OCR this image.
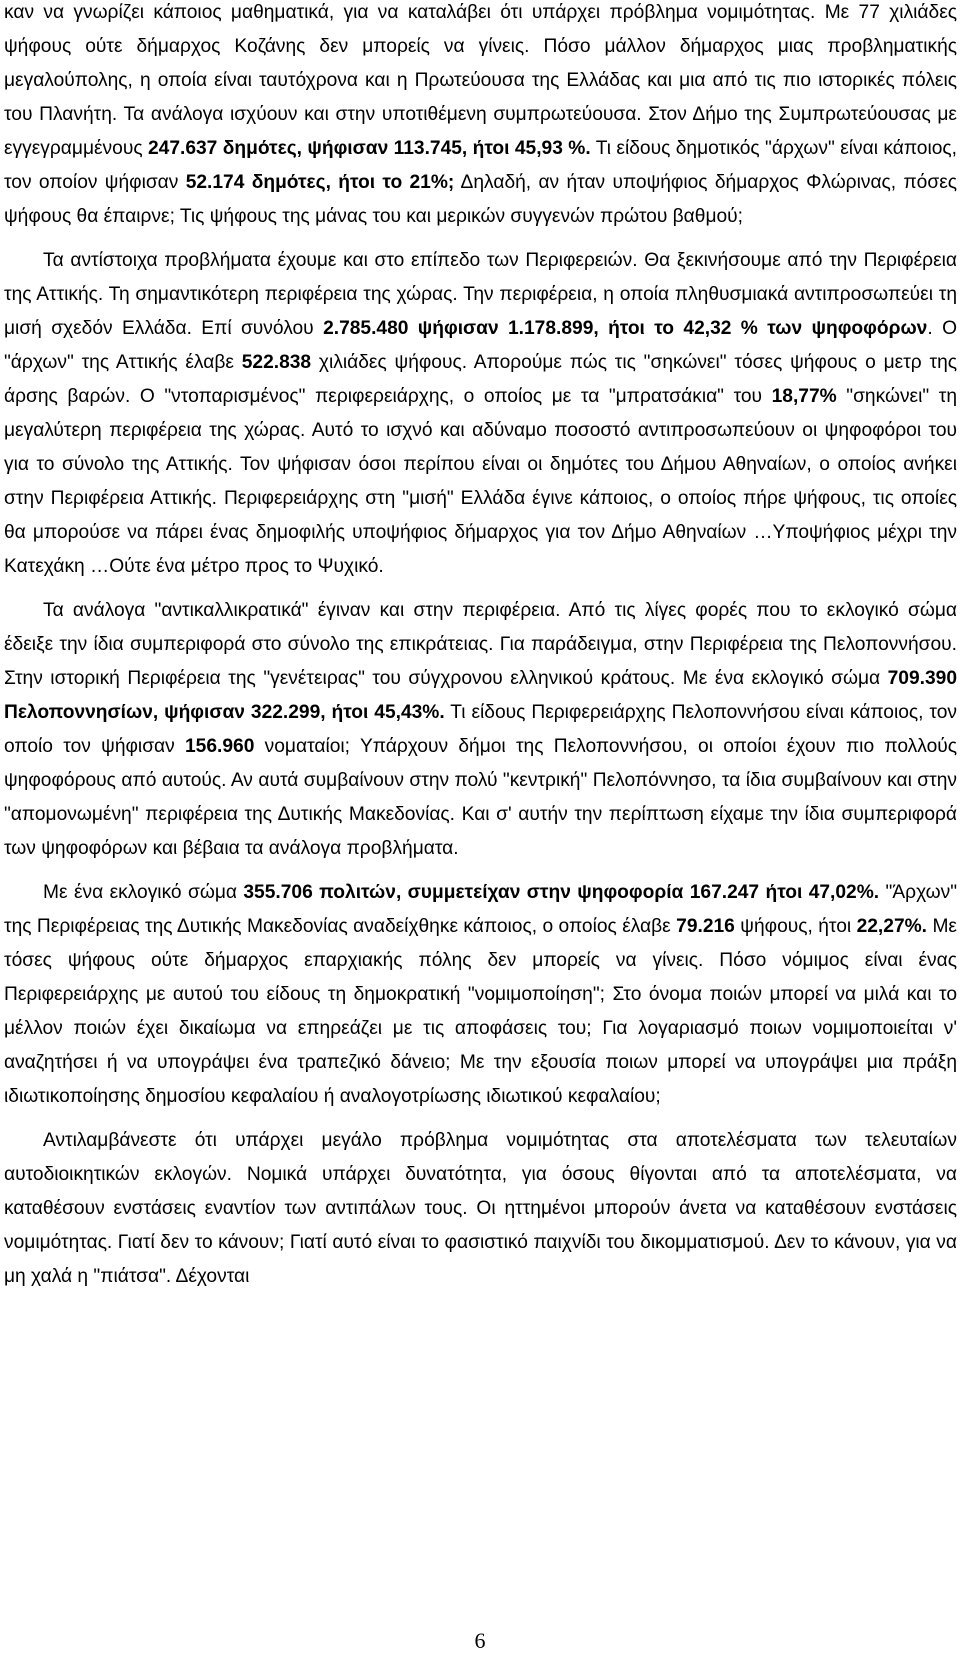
καν να γνωρίζει κάποιος μαθηματικά, για να καταλάβει ότι υπάρχει πρόβλημα νομιμότητας. Με 77 χιλιάδες ψήφους ούτε δήμαρχος Κοζάνης δεν μπορείς να γίνεις. Πόσο μάλλον δήμαρχος μιας προβληματικής μεγαλούπολης, η οποία είναι ταυτόχρονα και η Πρωτεύουσα της Ελλάδας και μια από τις πιο ιστορικές πόλεις του Πλανήτη. Τα ανάλογα ισχύουν και στην υποτιθέμενη συμπρωτεύουσα. Στον Δήμο της Συμπρωτεύουσας με εγγεγραμμένους 247.637 δημότες, ψήφισαν 113.745, ήτοι 45,93 %. Τι είδους δημοτικός "άρχων" είναι κάποιος, τον οποίον ψήφισαν 52.174 δημότες, ήτοι το 21%; Δηλαδή, αν ήταν υποψήφιος δήμαρχος Φλώρινας, πόσες ψήφους θα έπαιρνε; Τις ψήφους της μάνας του και μερικών συγγενών πρώτου βαθμού;

Τα αντίστοιχα προβλήματα έχουμε και στο επίπεδο των Περιφερειών. Θα ξεκινήσουμε από την Περιφέρεια της Αττικής. Τη σημαντικότερη περιφέρεια της χώρας. Την περιφέρεια, η οποία πληθυσμιακά αντιπροσωπεύει τη μισή σχεδόν Ελλάδα. Επί συνόλου 2.785.480 ψήφισαν 1.178.899, ήτοι το 42,32 % των ψηφοφόρων. Ο "άρχων" της Αττικής έλαβε 522.838 χιλιάδες ψήφους. Απορούμε πώς τις "σηκώνει" τόσες ψήφους ο μετρ της άρσης βαρών. Ο "ντοπαρισμένος" περιφερειάρχης, ο οποίος με τα "μπρατσάκια" του 18,77% "σηκώνει" τη μεγαλύτερη περιφέρεια της χώρας. Αυτό το ισχνό και αδύναμο ποσοστό αντιπροσωπεύουν οι ψηφοφόροι του για το σύνολο της Αττικής. Τον ψήφισαν όσοι περίπου είναι οι δημότες του Δήμου Αθηναίων, ο οποίος ανήκει στην Περιφέρεια Αττικής. Περιφερειάρχης στη "μισή" Ελλάδα έγινε κάποιος, ο οποίος πήρε ψήφους, τις οποίες θα μπορούσε να πάρει ένας δημοφιλής υποψήφιος δήμαρχος για τον Δήμο Αθηναίων …Υποψήφιος μέχρι την Κατεχάκη …Ούτε ένα μέτρο προς το Ψυχικό.

Τα ανάλογα "αντικαλλικρατικά" έγιναν και στην περιφέρεια. Από τις λίγες φορές που το εκλογικό σώμα έδειξε την ίδια συμπεριφορά στο σύνολο της επικράτειας. Για παράδειγμα, στην Περιφέρεια της Πελοποννήσου. Στην ιστορική Περιφέρεια της "γενέτειρας" του σύγχρονου ελληνικού κράτους. Με ένα εκλογικό σώμα 709.390 Πελοποννησίων, ψήφισαν 322.299, ήτοι 45,43%. Τι είδους Περιφερειάρχης Πελοποννήσου είναι κάποιος, τον οποίο τον ψήφισαν 156.960 νοματαίοι; Υπάρχουν δήμοι της Πελοποννήσου, οι οποίοι έχουν πιο πολλούς ψηφοφόρους από αυτούς. Αν αυτά συμβαίνουν στην πολύ "κεντρική" Πελοπόννησο, τα ίδια συμβαίνουν και στην "απομονωμένη" περιφέρεια της Δυτικής Μακεδονίας. Και σ' αυτήν την περίπτωση είχαμε την ίδια συμπεριφορά των ψηφοφόρων και βέβαια τα ανάλογα προβλήματα.

Με ένα εκλογικό σώμα 355.706 πολιτών, συμμετείχαν στην ψηφοφορία 167.247 ήτοι 47,02%. "Άρχων" της Περιφέρειας της Δυτικής Μακεδονίας αναδείχθηκε κάποιος, ο οποίος έλαβε 79.216 ψήφους, ήτοι 22,27%. Με τόσες ψήφους ούτε δήμαρχος επαρχιακής πόλης δεν μπορείς να γίνεις. Πόσο νόμιμος είναι ένας Περιφερειάρχης με αυτού του είδους τη δημοκρατική "νομιμοποίηση"; Στο όνομα ποιών μπορεί να μιλά και το μέλλον ποιών έχει δικαίωμα να επηρεάζει με τις αποφάσεις του; Για λογαριασμό ποιων νομιμοποιείται ν' αναζητήσει ή να υπογράψει ένα τραπεζικό δάνειο; Με την εξουσία ποιων μπορεί να υπογράψει μια πράξη ιδιωτικοποίησης δημοσίου κεφαλαίου ή αναλογοτρίωσης ιδιωτικού κεφαλαίου;

Αντιλαμβάνεστε ότι υπάρχει μεγάλο πρόβλημα νομιμότητας στα αποτελέσματα των τελευταίων αυτοδιοικητικών εκλογών. Νομικά υπάρχει δυνατότητα, για όσους θίγονται από τα αποτελέσματα, να καταθέσουν ενστάσεις εναντίον των αντιπάλων τους. Οι ηττημένοι μπορούν άνετα να καταθέσουν ενστάσεις νομιμότητας. Γιατί δεν το κάνουν; Γιατί αυτό είναι το φασιστικό παιχνίδι του δικομματισμού. Δεν το κάνουν, για να μη χαλά η "πιάτσα". Δέχονται

6
